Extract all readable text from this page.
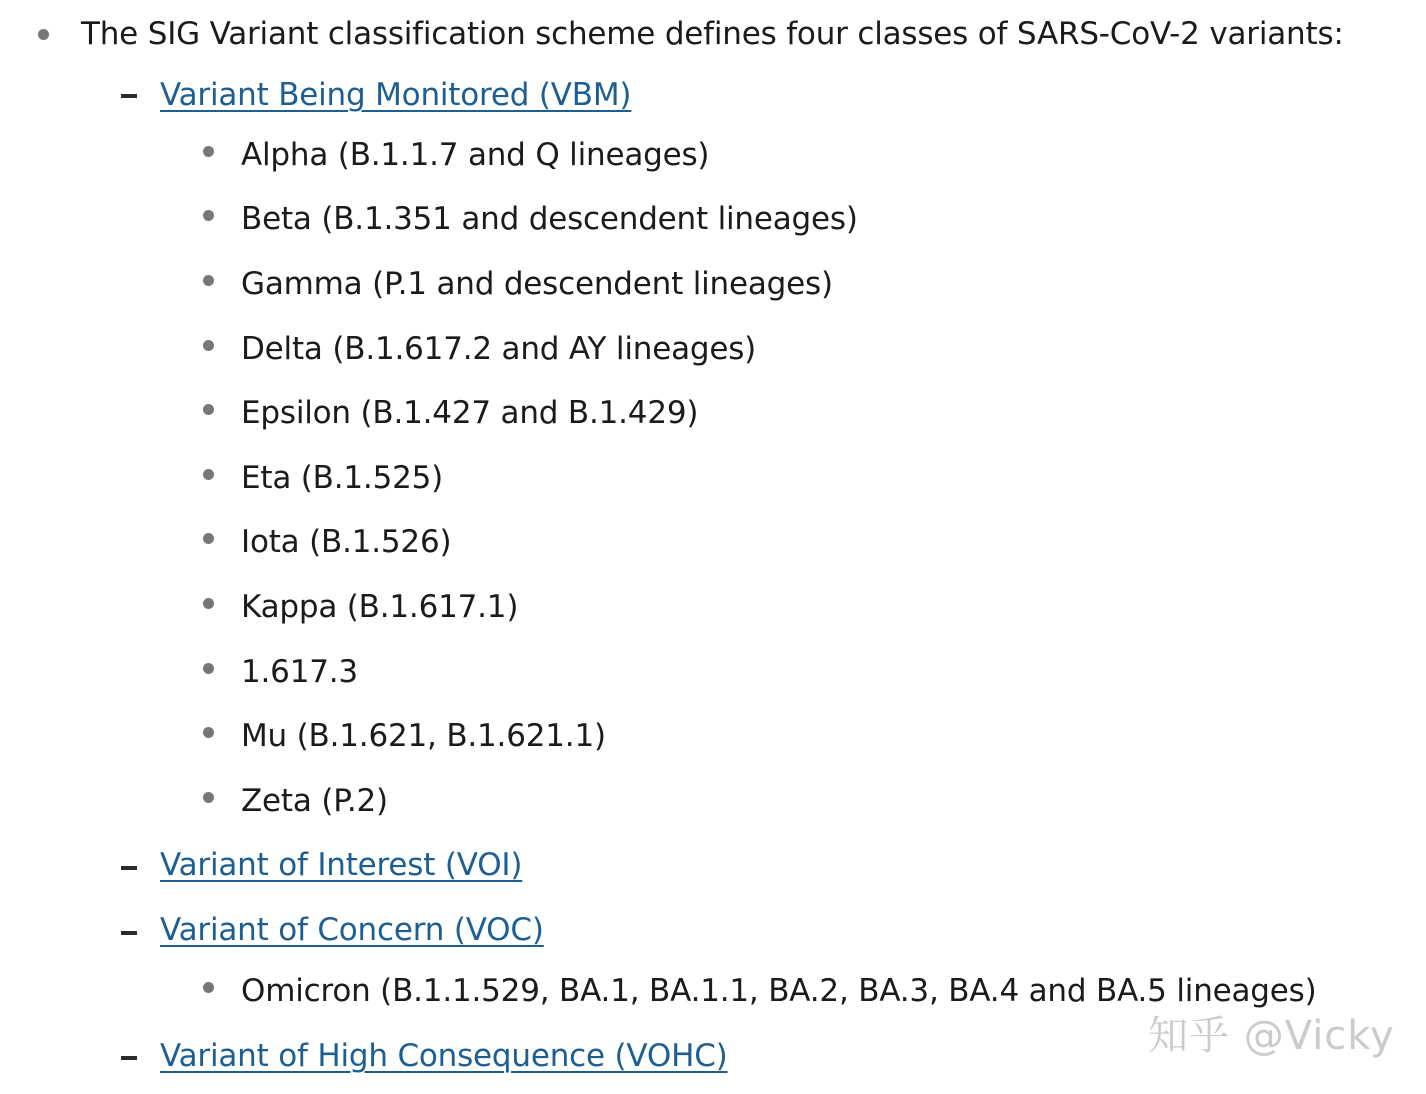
The SIG Variant classification scheme defines four classes of SARS-CoV-2 variants:
Variant Being Monitored (VBM)
Alpha (B.1.1.7 and Q lineages)
Beta (B.1.351 and descendent lineages)
Gamma (P.1 and descendent lineages)
Delta (B.1.617.2 and AY lineages)
Epsilon (B.1.427 and B.1.429)
Eta (B.1.525)
Iota (B.1.526)
Kappa (B.1.617.1)
1.617.3
Mu (B.1.621, B.1.621.1)
Zeta (P.2)
Variant of Interest (VOI)
Variant of Concern (VOC)
Omicron (B.1.1.529, BA.1, BA.1.1, BA.2, BA.3, BA.4 and BA.5 lineages)
Variant of High Consequence (VOHC)	知乎 @Vicky
